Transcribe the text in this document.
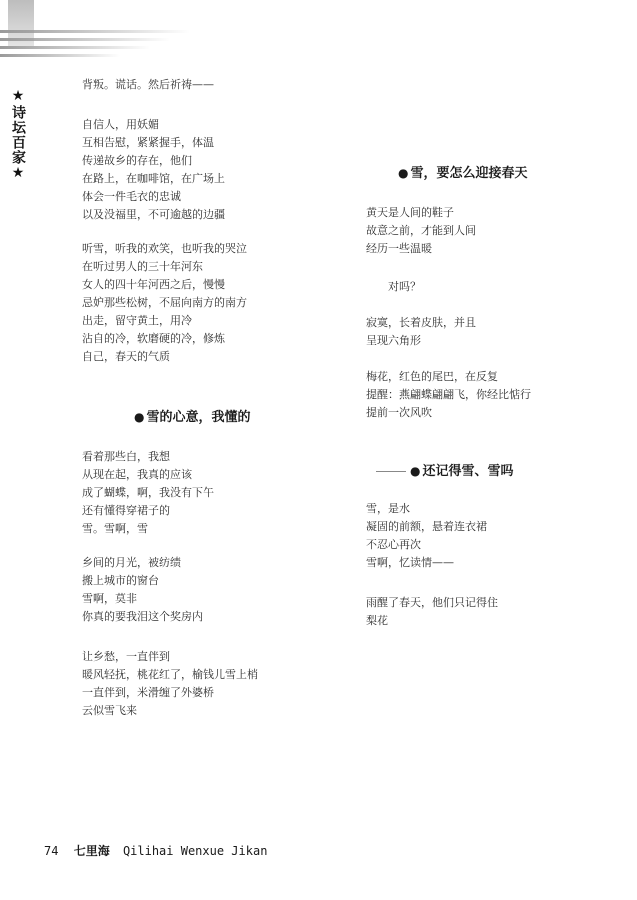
★诗坛百家★

背叛。谎话。然后祈祷——

自信人，用妖媚

互相告慰，紧紧握手，体温

传递故乡的存在，他们

在路上，在咖啡馆，在广场上

体会一件毛衣的忠诚

以及没福里，不可逾越的边疆

听雪，听我的欢笑，也听我的哭泣

在听过男人的三十年河东

女人的四十年河西之后，慢慢

忌妒那些松树，不屈向南方的南方

出走，留守黄土，用冷

沾自的冷，软磨硬的冷，修炼

自己，春天的气质

● 雪的心意，我懂的

看着那些白，我想

从现在起，我真的应该

成了蝴蝶，啊，我没有下午

还有懂得穿裙子的

雪。雪啊，雪

乡间的月光，被纺绩

搬上城市的窗台

雪啊，莫非

你真的要我泪这个奖房内

让乡愁，一直伴到

暖风轻抚，桃花红了，榆钱儿雪上梢

一直伴到，米滑缠了外婆桥

云似雪飞来

● 雪，要怎么迎接春天

黄天是人间的鞋子

故意之前，才能到人间

经历一些温暖

对吗？

寂寞，长着皮肤，并且

呈现六角形

梅花，红色的尾巴，在反复

提醒：燕翩蝶翩翩飞，你经比惦行

提前一次风吹

● 还记得雪、雪吗

雪，是水

凝固的前额，悬着连衣裙

不忍心再次

雪啊，忆读情——

雨醒了春天，他们只记得住

梨花

74 七里海 Qilihai Wenxue Jikan
